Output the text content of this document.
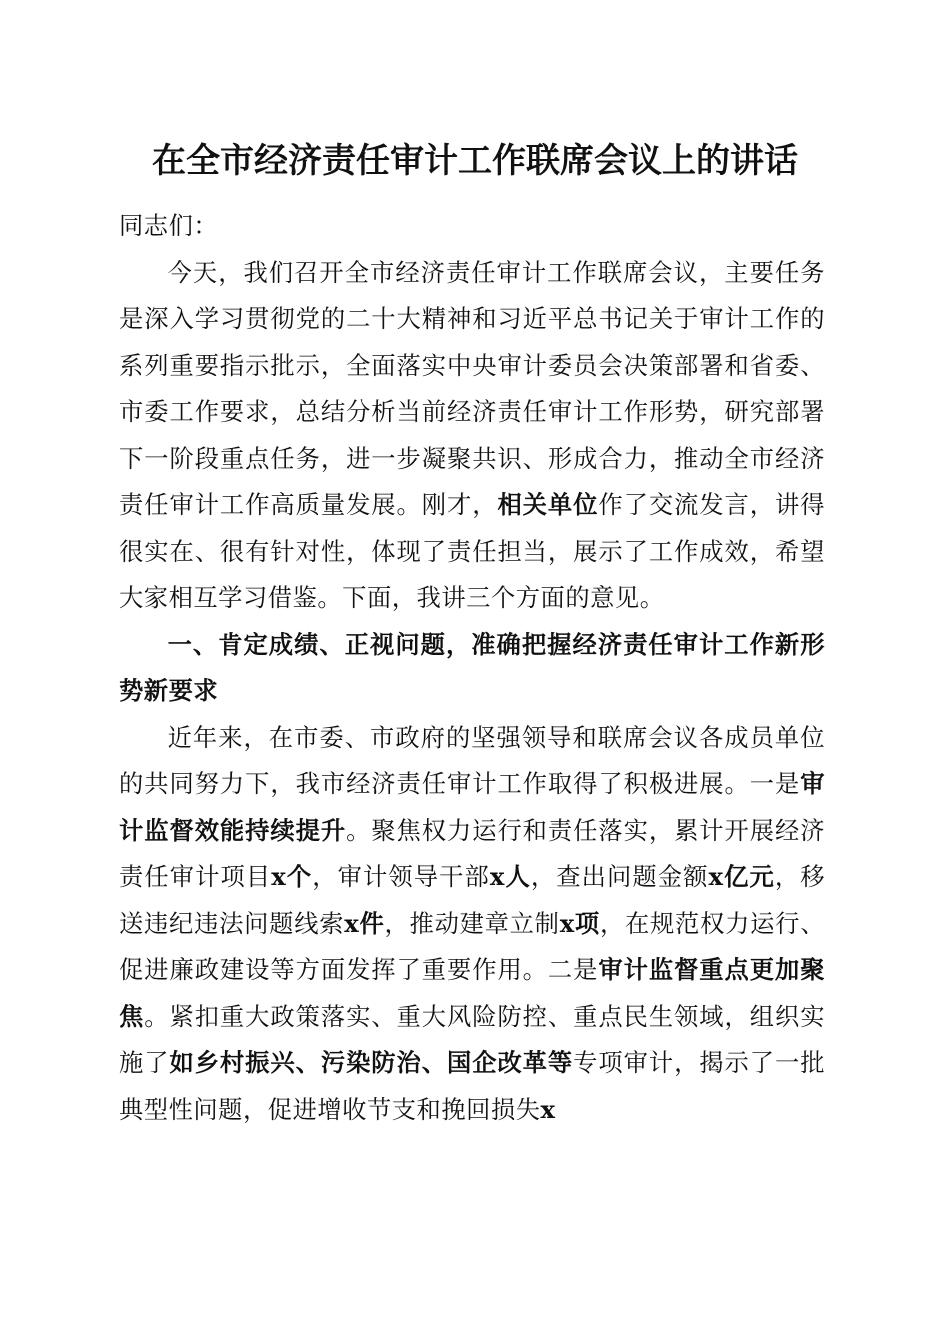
在全市经济责任审计工作联席会议上的讲话

同志们：

今天，我们召开全市经济责任审计工作联席会议，主要任务是深入学习贯彻党的二十大精神和习近平总书记关于审计工作的系列重要指示批示，全面落实中央审计委员会决策部署和省委、市委工作要求，总结分析当前经济责任审计工作形势，研究部署下一阶段重点任务，进一步凝聚共识、形成合力，推动全市经济责任审计工作高质量发展。刚才，相关单位作了交流发言，讲得很实在、很有针对性，体现了责任担当，展示了工作成效，希望大家相互学习借鉴。下面，我讲三个方面的意见。

一、肯定成绩、正视问题，准确把握经济责任审计工作新形势新要求

近年来，在市委、市政府的坚强领导和联席会议各成员单位的共同努力下，我市经济责任审计工作取得了积极进展。一是审计监督效能持续提升。聚焦权力运行和责任落实，累计开展经济责任审计项目x个，审计领导干部x人，查出问题金额x亿元，移送违纪违法问题线索x件，推动建章立制x项，在规范权力运行、促进廉政建设等方面发挥了重要作用。二是审计监督重点更加聚焦。紧扣重大政策落实、重大风险防控、重点民生领域，组织实施了如乡村振兴、污染防治、国企改革等专项审计，揭示了一批典型性问题，促进增收节支和挽回损失x
